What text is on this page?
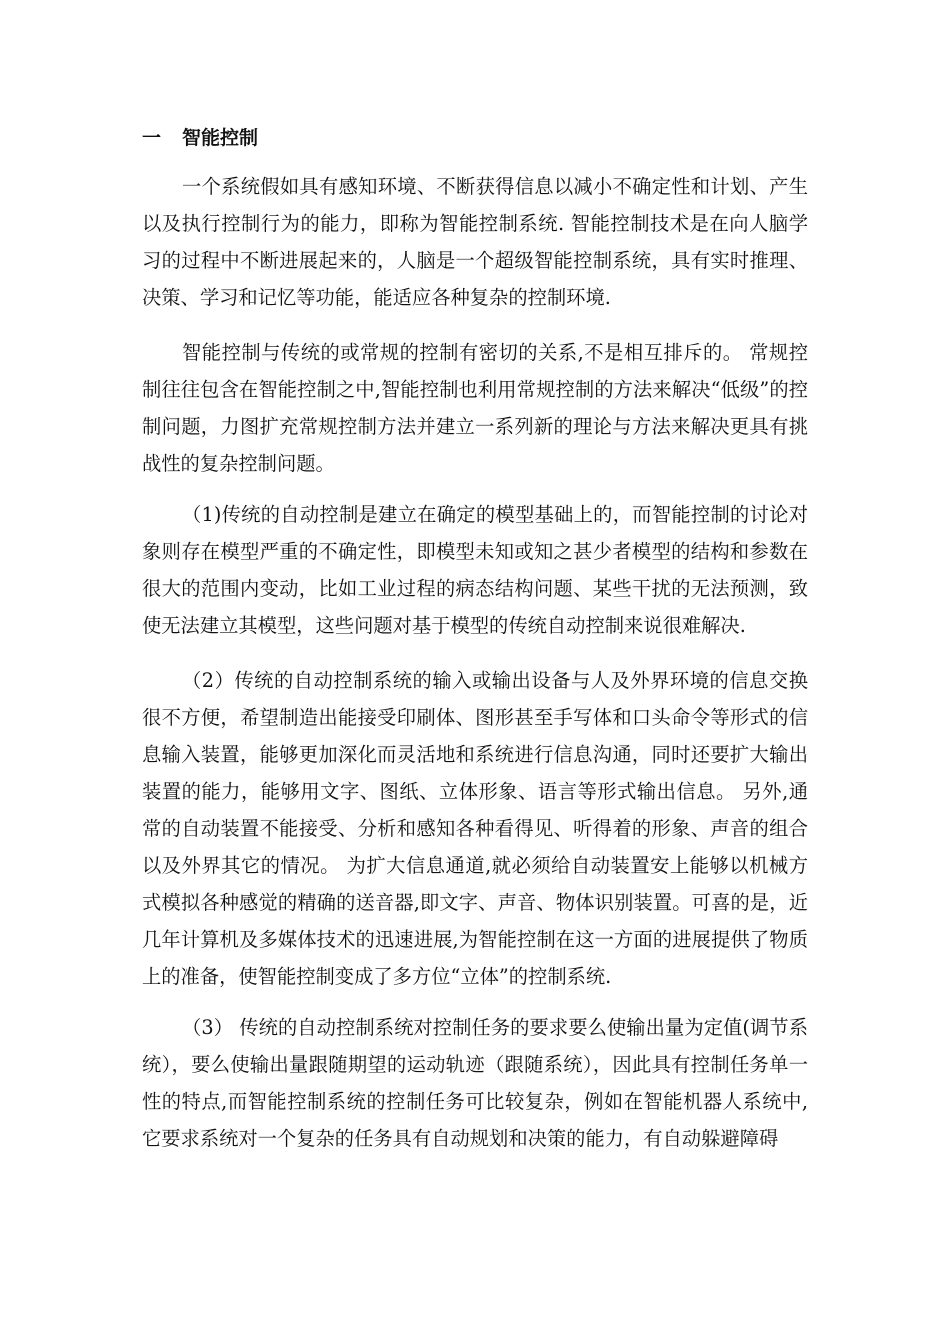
一 智能控制

一个系统假如具有感知环境、不断获得信息以减小不确定性和计划、产生以及执行控制行为的能力，即称为智能控制系统. 智能控制技术是在向人脑学习的过程中不断进展起来的，人脑是一个超级智能控制系统，具有实时推理、决策、学习和记忆等功能，能适应各种复杂的控制环境.

智能控制与传统的或常规的控制有密切的关系,不是相互排斥的。 常规控制往往包含在智能控制之中,智能控制也利用常规控制的方法来解决“低级”的控制问题，力图扩充常规控制方法并建立一系列新的理论与方法来解决更具有挑战性的复杂控制问题。

（1)传统的自动控制是建立在确定的模型基础上的，而智能控制的讨论对象则存在模型严重的不确定性，即模型未知或知之甚少者模型的结构和参数在很大的范围内变动，比如工业过程的病态结构问题、某些干扰的无法预测，致使无法建立其模型，这些问题对基于模型的传统自动控制来说很难解决.

（2）传统的自动控制系统的输入或输出设备与人及外界环境的信息交换很不方便，希望制造出能接受印刷体、图形甚至手写体和口头命令等形式的信息输入装置，能够更加深化而灵活地和系统进行信息沟通，同时还要扩大输出装置的能力，能够用文字、图纸、立体形象、语言等形式输出信息。 另外,通常的自动装置不能接受、分析和感知各种看得见、听得着的形象、声音的组合以及外界其它的情况。 为扩大信息通道,就必须给自动装置安上能够以机械方式模拟各种感觉的精确的送音器,即文字、声音、物体识别装置。可喜的是，近几年计算机及多媒体技术的迅速进展,为智能控制在这一方面的进展提供了物质上的准备，使智能控制变成了多方位“立体”的控制系统.

（3） 传统的自动控制系统对控制任务的要求要么使输出量为定值(调节系统），要么使输出量跟随期望的运动轨迹（跟随系统），因此具有控制任务单一性的特点,而智能控制系统的控制任务可比较复杂，例如在智能机器人系统中,它要求系统对一个复杂的任务具有自动规划和决策的能力，有自动躲避障碍
